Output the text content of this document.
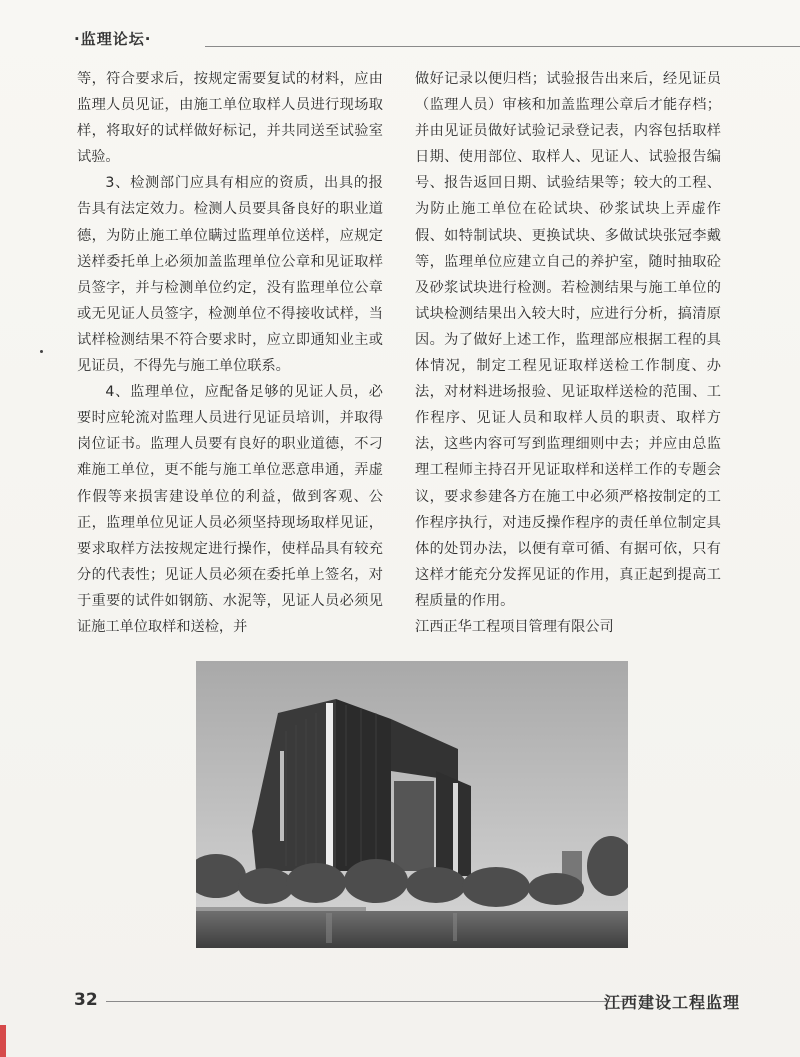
·监理论坛·

等，符合要求后，按规定需要复试的材料，应由监理人员见证，由施工单位取样人员进行现场取样，将取好的试样做好标记，并共同送至试验室试验。

3、检测部门应具有相应的资质，出具的报告具有法定效力。检测人员要具备良好的职业道德，为防止施工单位瞒过监理单位送样，应规定送样委托单上必须加盖监理单位公章和见证取样员签字，并与检测单位约定，没有监理单位公章或无见证人员签字，检测单位不得接收试样，当试样检测结果不符合要求时，应立即通知业主或见证员，不得先与施工单位联系。

4、监理单位，应配备足够的见证人员，必要时应轮流对监理人员进行见证员培训，并取得岗位证书。监理人员要有良好的职业道德，不刁难施工单位，更不能与施工单位恶意串通，弄虚作假等来损害建设单位的利益，做到客观、公正，监理单位见证人员必须坚持现场取样见证，要求取样方法按规定进行操作，使样品具有较充分的代表性；见证人员必须在委托单上签名，对于重要的试件如钢筋、水泥等，见证人员必须见证施工单位取样和送检，并

做好记录以便归档；试验报告出来后，经见证员（监理人员）审核和加盖监理公章后才能存档；并由见证员做好试验记录登记表，内容包括取样日期、使用部位、取样人、见证人、试验报告编号、报告返回日期、试验结果等；较大的工程、为防止施工单位在砼试块、砂浆试块上弄虚作假、如特制试块、更换试块、多做试块张冠李戴等，监理单位应建立自己的养护室，随时抽取砼及砂浆试块进行检测。若检测结果与施工单位的试块检测结果出入较大时，应进行分析，搞清原因。为了做好上述工作，监理部应根据工程的具体情况，制定工程见证取样送检工作制度、办法，对材料进场报验、见证取样送检的范围、工作程序、见证人员和取样人员的职责、取样方法，这些内容可写到监理细则中去；并应由总监理工程师主持召开见证取样和送样工作的专题会议，要求参建各方在施工中必须严格按制定的工作程序执行，对违反操作程序的责任单位制定具体的处罚办法，以便有章可循、有据可依，只有这样才能充分发挥见证的作用，真正起到提高工程质量的作用。

江西正华工程项目管理有限公司

32	江西建设工程监理
